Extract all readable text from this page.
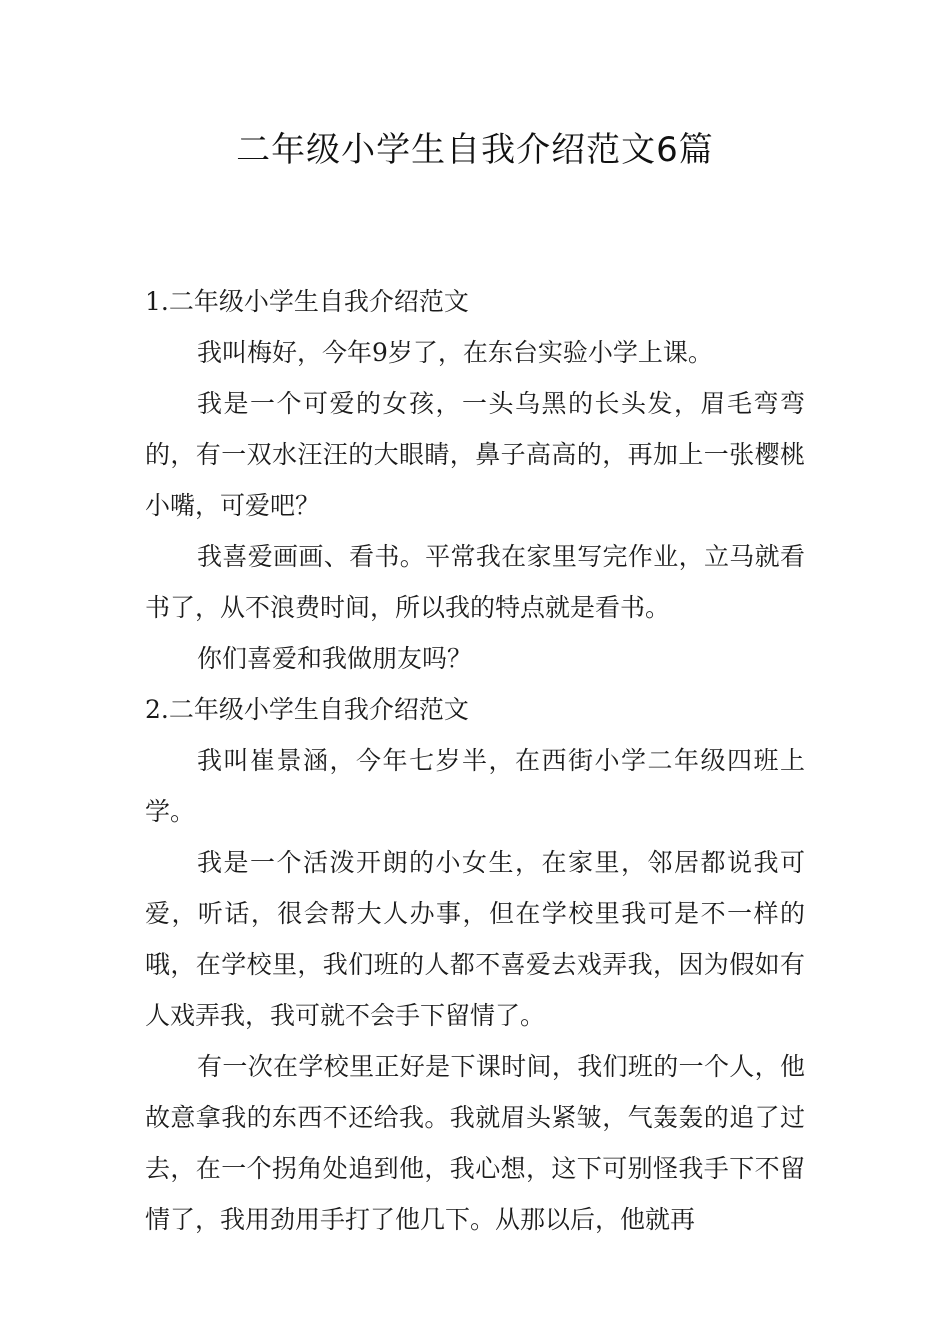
二年级小学生自我介绍范文6篇

1.二年级小学生自我介绍范文

我叫梅好，今年9岁了，在东台实验小学上课。

我是一个可爱的女孩，一头乌黑的长头发，眉毛弯弯的，有一双水汪汪的大眼睛，鼻子高高的，再加上一张樱桃小嘴，可爱吧？

我喜爱画画、看书。平常我在家里写完作业，立马就看书了，从不浪费时间，所以我的特点就是看书。

你们喜爱和我做朋友吗？

2.二年级小学生自我介绍范文

我叫崔景涵，今年七岁半，在西街小学二年级四班上学。

我是一个活泼开朗的小女生，在家里，邻居都说我可爱，听话，很会帮大人办事，但在学校里我可是不一样的哦，在学校里，我们班的人都不喜爱去戏弄我，因为假如有人戏弄我，我可就不会手下留情了。

有一次在学校里正好是下课时间，我们班的一个人，他故意拿我的东西不还给我。我就眉头紧皱，气轰轰的追了过去，在一个拐角处追到他，我心想，这下可别怪我手下不留情了，我用劲用手打了他几下。从那以后，他就再
